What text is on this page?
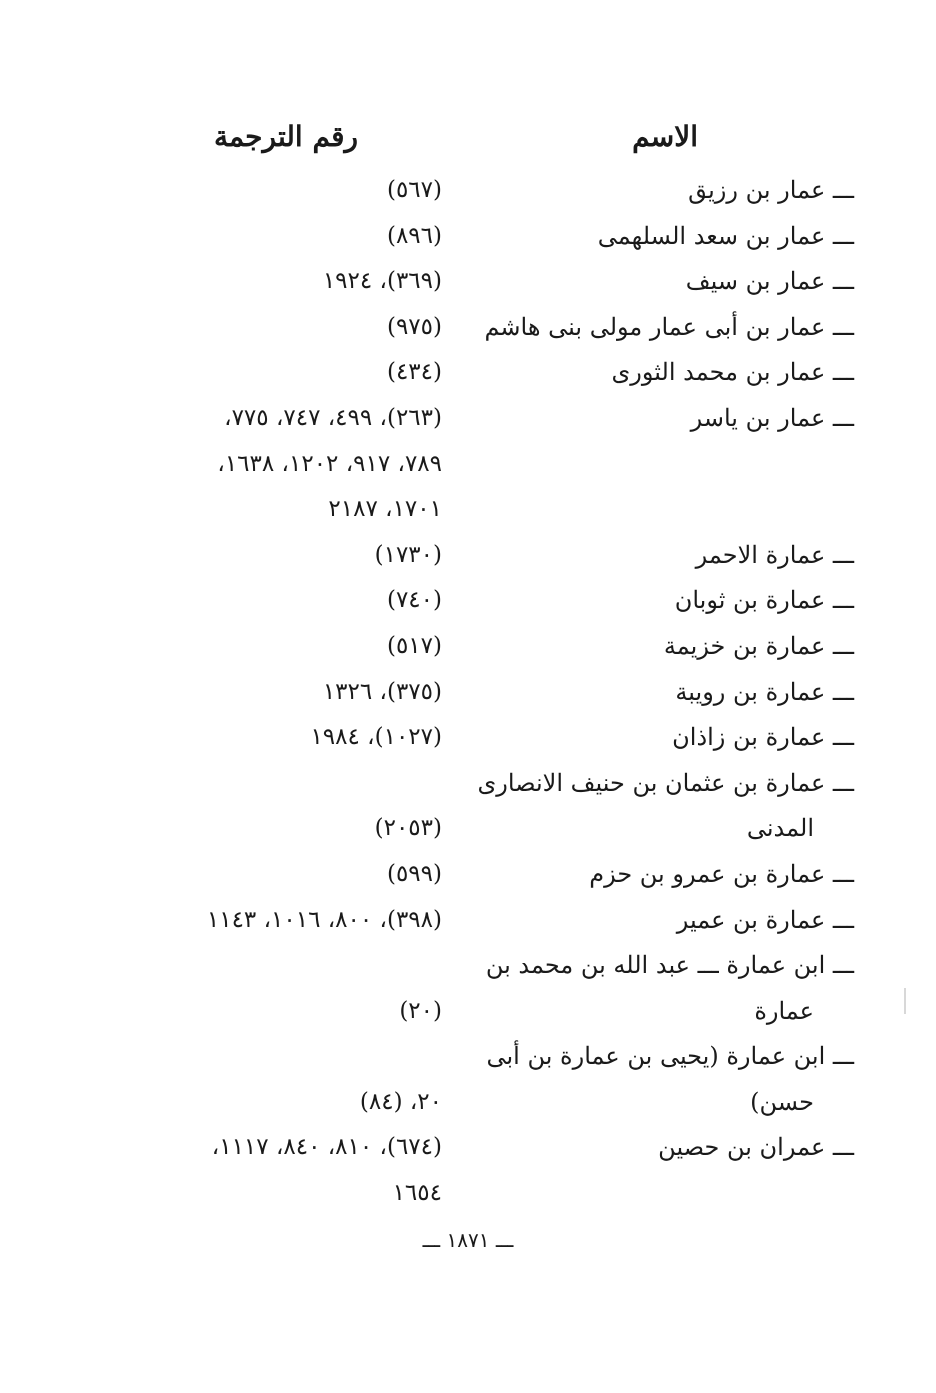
الاسم
رقم الترجمة
ـــ عمار بن رزيق
(٥٦٧)
ـــ عمار بن سعد السلهمى
(٨٩٦)
ـــ عمار بن سيف
(٣٦٩)، ١٩٢٤
ـــ عمار بن أبى عمار مولى بنى هاشم
(٩٧٥)
ـــ عمار بن محمد الثورى
(٤٣٤)
ـــ عمار بن ياسر
(٢٦٣)، ٤٩٩، ٧٤٧، ٧٧٥،
٧٨٩، ٩١٧، ١٢٠٢، ١٦٣٨،
١٧٠١، ٢١٨٧
ـــ عمارة الاحمر
(١٧٣٠)
ـــ عمارة بن ثوبان
(٧٤٠)
ـــ عمارة بن خزيمة
(٥١٧)
ـــ عمارة بن رويبة
(٣٧٥)، ١٣٢٦
ـــ عمارة بن زاذان
(١٠٢٧)، ١٩٨٤
ـــ عمارة بن عثمان بن حنيف الانصارى
المدنى
(٢٠٥٣)
ـــ عمارة بن عمرو بن حزم
(٥٩٩)
ـــ عمارة بن عمير
(٣٩٨)، ٨٠٠، ١٠١٦، ١١٤٣
ـــ ابن عمارة ـــ عبد الله بن محمد بن
عمارة
(٢٠)
ـــ ابن عمارة (يحيى بن عمارة بن أبى
حسن)
٢٠، (٨٤)
ـــ عمران بن حصين
(٦٧٤)، ٨١٠، ٨٤٠، ١١١٧،
١٦٥٤
ـــ ١٨٧١ ـــ
